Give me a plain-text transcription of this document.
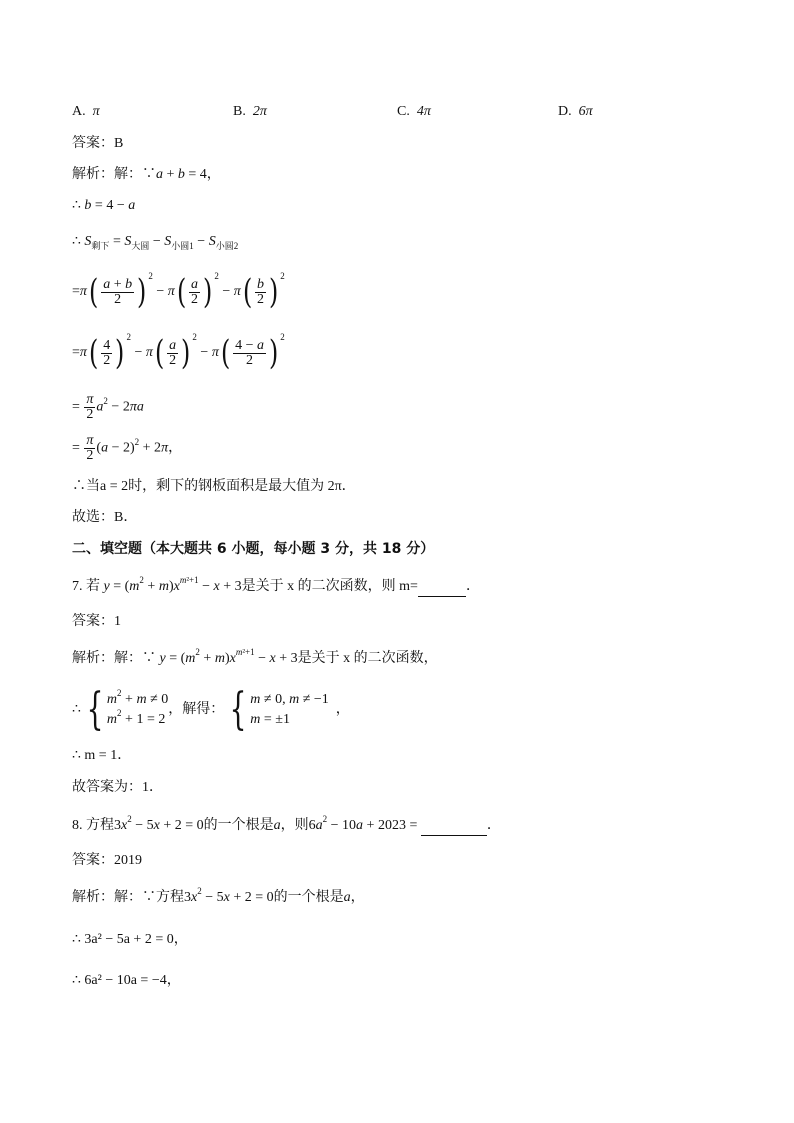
A. π	B. 2π	C. 4π	D. 6π
答案：B
解析：解：∵a + b = 4，
∴ b = 4 − a
∴ $S_{剩下} = S_{大圆} - S_{小圆1} - S_{小圆2}$
$=\pi( \frac{a + b}{2}$ ) $^2 - \pi( \frac{a}{2}$ ) $^2 - \pi( \frac{b}{2}$ ) $^2$
$=\pi( \frac{4}{2}$ ) $^2 - \pi( \frac{a}{2}$ ) $^2 - \pi( \frac{4 - a}{2}$ ) $^2$
= $\frac{\pi}{2} a^2 - 2\pi a$
= $\frac{\pi}{2} (a - 2)^2 + 2\pi$，
∴当a = 2时，剩下的钢板面积是最大值为 2π．
故选：B．
二、填空题（本大题共 6 小题，每小题 3 分，共 18 分）
7. 若 $y = (m^2 + m)x^{m^2+1} - x + 3$是关于 x 的二次函数，则 m=	．
答案：1
解析：解：∵ $y = (m^2 + m)x^{m^2+1} - x + 3$是关于 x 的二次函数，
∴ { $m^2 + m \ne 0$
$m^2 + 1 = 2$
，解得： { m ≠ 0, m ≠ −1
m = ±1
，
∴ m = 1．
故答案为：1．
8. 方程$3x^2 - 5x + 2 = 0$的一个根是a，则$6a^2 - 10a + 2023$ =	．
答案：2019
解析：解：∵方程$3x^2 - 5x + 2 = 0$的一个根是a，
∴ 3a² − 5a + 2 = 0，
∴ 6a² − 10a = −4，
